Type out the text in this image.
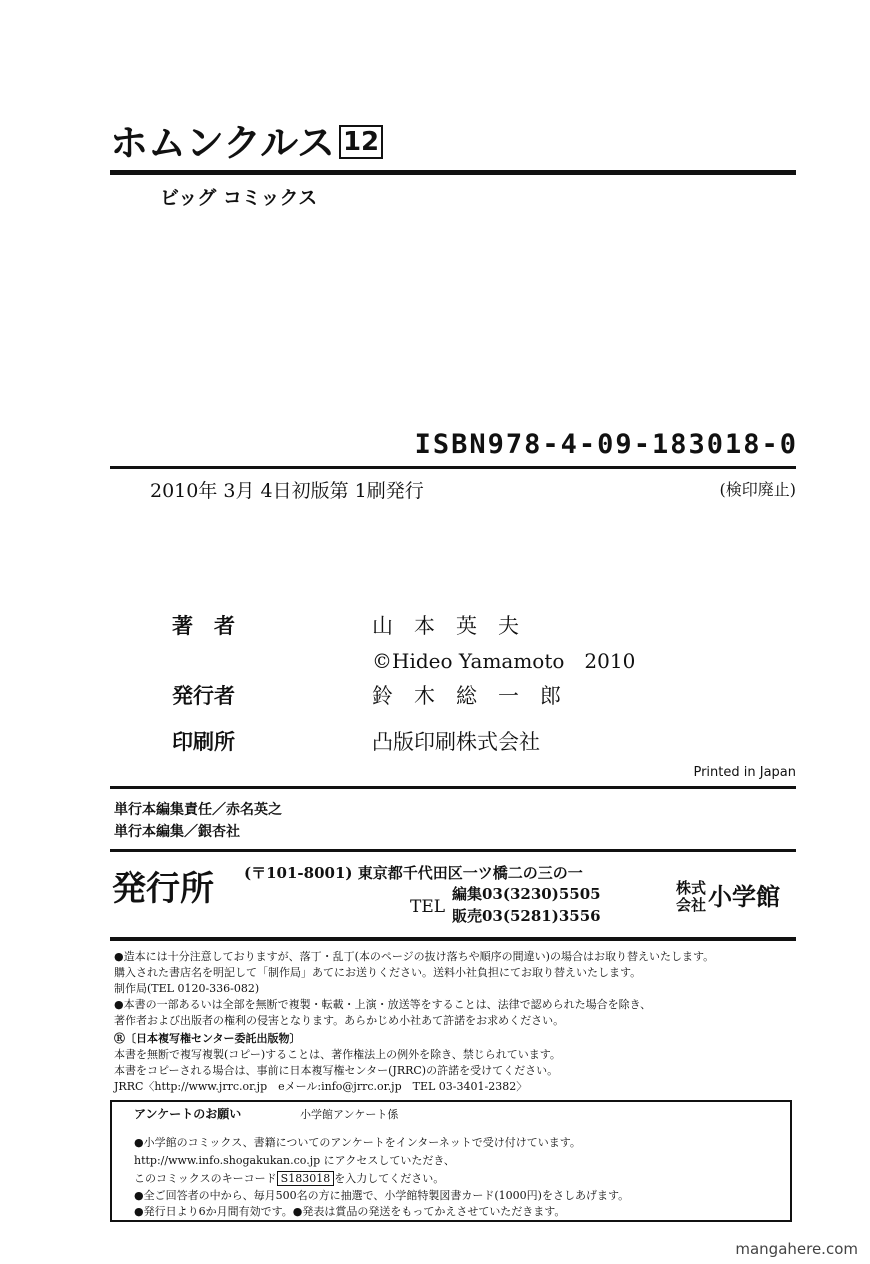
ホムンクルス 12
ビッグ コミックス
ISBN978-4-09-183018-0
2010年 3月 4日初版第 1刷発行	(検印廃止)
著　者	山　本　英　夫
©Hideo Yamamoto　2010
発行者	鈴　木　総　一　郎
印刷所	凸版印刷株式会社
Printed in Japan
単行本編集責任／赤名英之
単行本編集／銀杏社
発行所 (〒101-8001) 東京都千代田区一ツ橋二の三の一
TEL
編集03(3230)5505
販売03(5281)3556
株式
会社小学館
●造本には十分注意しておりますが、落丁・乱丁(本のページの抜け落ちや順序の間違い)の場合はお取り替えいたします。
購入された書店名を明記して「制作局」あてにお送りください。送料小社負担にてお取り替えいたします。
制作局(TEL 0120-336-082)
●本書の一部あるいは全部を無断で複製・転載・上演・放送等をすることは、法律で認められた場合を除き、
著作者および出版者の権利の侵害となります。あらかじめ小社あて許諾をお求めください。
Ⓡ〔日本複写権センター委託出版物〕
本書を無断で複写複製(コピー)することは、著作権法上の例外を除き、禁じられています。
本書をコピーされる場合は、事前に日本複写権センター(JRRC)の許諾を受けてください。
JRRC〈http://www.jrrc.or.jp　eメール:info@jrrc.or.jp　TEL 03-3401-2382〉
アンケートのお願い	小学館アンケート係
●小学館のコミックス、書籍についてのアンケートをインターネットで受け付けています。
http://www.info.shogakukan.co.jp にアクセスしていただき、
このコミックスのキーコード S183018 を入力してください。
●全ご回答者の中から、毎月500名の方に抽選で、小学館特製図書カード(1000円)をさしあげます。
●発行日より6か月間有効です。●発表は賞品の発送をもってかえさせていただきます。
mangahere.com
